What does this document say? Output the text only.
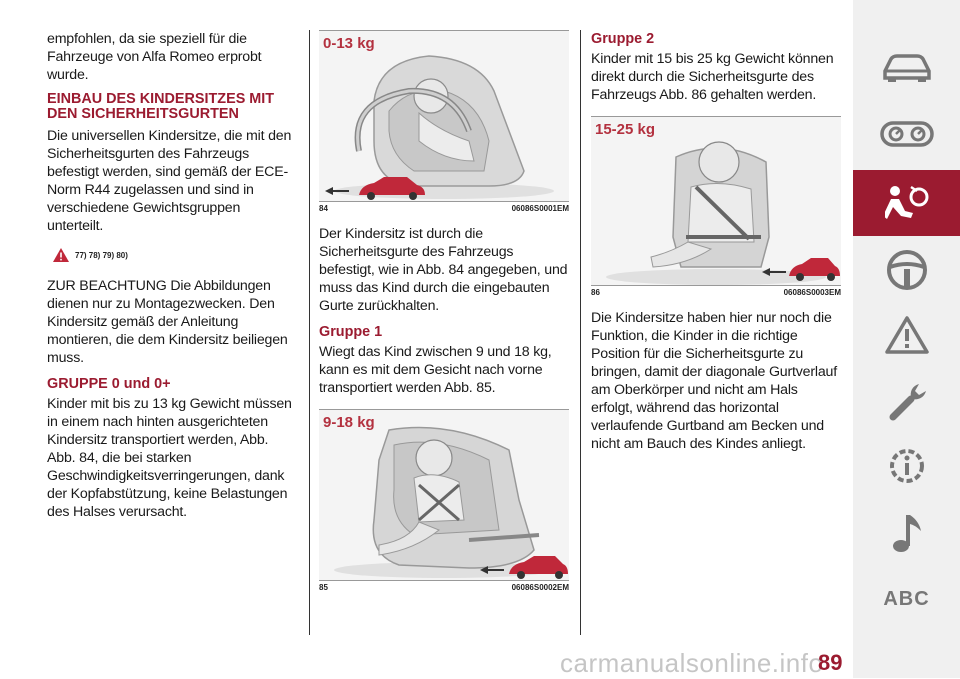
empfohlen, da sie speziell für die Fahrzeuge von Alfa Romeo erprobt wurde.

EINBAU DES KINDERSITZES MIT DEN SICHERHEITSGURTEN

Die universellen Kindersitze, die mit den Sicherheitsgurten des Fahrzeugs befestigt werden, sind gemäß der ECE-Norm R44 zugelassen und sind in verschiedene Gewichtsgruppen unterteilt.

77) 78) 79) 80)

ZUR BEACHTUNG Die Abbildungen dienen nur zu Montagezwecken. Den Kindersitz gemäß der Anleitung montieren, die dem Kindersitz beiliegen muss.

GRUPPE 0 und 0+

Kinder mit bis zu 13 kg Gewicht müssen in einem nach hinten ausgerichteten Kindersitz transportiert werden, Abb. Abb. 84, die bei starken Geschwindigkeitsverringerungen, dank der Kopfabstützung, keine Belastungen des Halses verursacht.

0-13 kg
84	06086S0001EM

Der Kindersitz ist durch die Sicherheitsgurte des Fahrzeugs befestigt, wie in Abb. 84 angegeben, und muss das Kind durch die eingebauten Gurte zurückhalten.

Gruppe 1

Wiegt das Kind zwischen 9 und 18 kg, kann es mit dem Gesicht nach vorne transportiert werden Abb. 85.

9-18 kg
85	06086S0002EM
Gruppe 2

Kinder mit 15 bis 25 kg Gewicht können direkt durch die Sicherheitsgurte des Fahrzeugs Abb. 86 gehalten werden.

15-25 kg
86	06086S0003EM

Die Kindersitze haben hier nur noch die Funktion, die Kinder in die richtige Position für die Sicherheitsgurte zu bringen, damit der diagonale Gurtverlauf am Oberkörper und nicht am Hals erfolgt, während das horizontal verlaufende Gurtband am Becken und nicht am Bauch des Kindes anliegt.

ABC
carmanualsonline.info
89
